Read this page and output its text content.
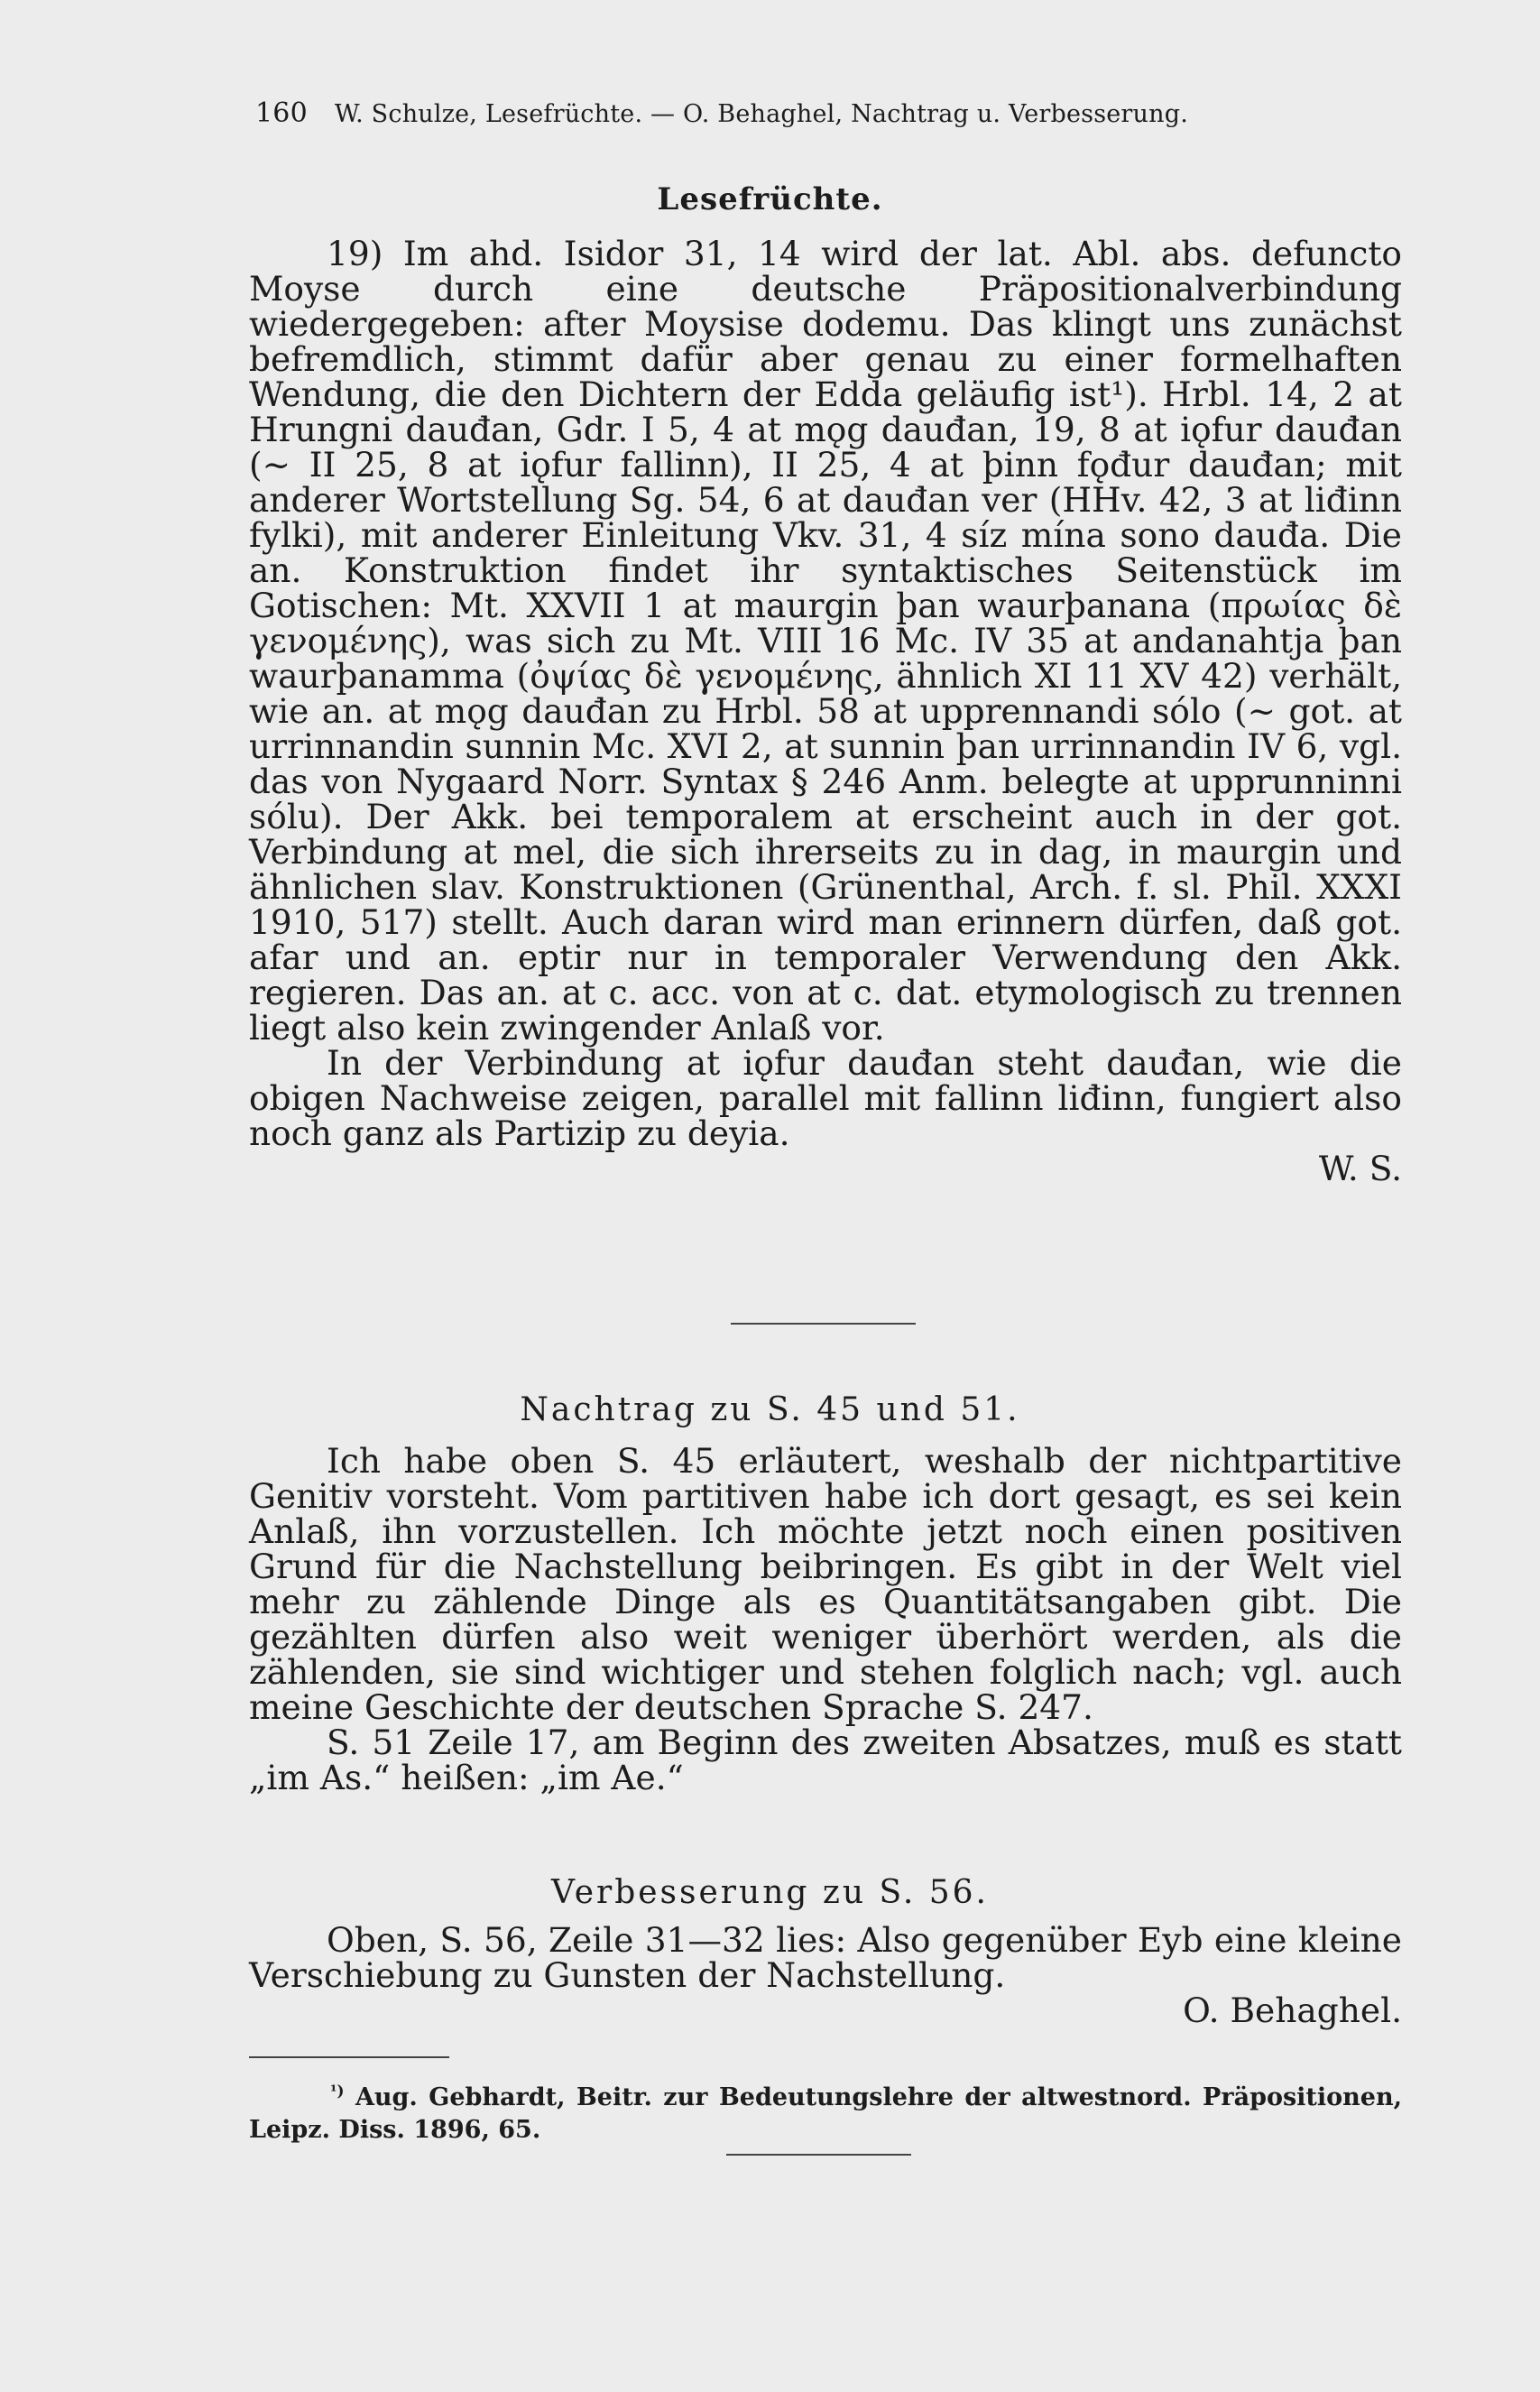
160 W. Schulze, Lesefrüchte. — O. Behaghel, Nachtrag u. Verbesserung.
Lesefrüchte.

19) Im ahd. Isidor 31, 14 wird der lat. Abl. abs. defuncto Moyse durch eine deutsche Präpositionalverbindung wiedergegeben: after Moysise dodemu. Das klingt uns zunächst befremdlich, stimmt dafür aber genau zu einer formelhaften Wendung, die den Dichtern der Edda geläufig ist¹). Hrbl. 14, 2 at Hrungni dauđan, Gdr. I 5, 4 at mǫg dauđan, 19, 8 at iǫfur dauđan (~ II 25, 8 at iǫfur fallinn), II 25, 4 at þinn fǫđur dauđan; mit anderer Wortstellung Sg. 54, 6 at dauđan ver (HHv. 42, 3 at liđinn fylki), mit anderer Einleitung Vkv. 31, 4 síz mína sono dauđa. Die an. Konstruktion findet ihr syntaktisches Seitenstück im Gotischen: Mt. XXVII 1 at maurgin þan waurþanana (πρωίας δὲ γενομένης), was sich zu Mt. VIII 16 Mc. IV 35 at andanahtja þan waurþanamma (ὀψίας δὲ γενομένης, ähnlich XI 11 XV 42) verhält, wie an. at mǫg dauđan zu Hrbl. 58 at upprennandi sólo (~ got. at urrinnandin sunnin Mc. XVI 2, at sunnin þan urrinnandin IV 6, vgl. das von Nygaard Norr. Syntax § 246 Anm. belegte at upprunninni sólu). Der Akk. bei temporalem at erscheint auch in der got. Verbindung at mel, die sich ihrerseits zu in dag, in maurgin und ähnlichen slav. Konstruktionen (Grünenthal, Arch. f. sl. Phil. XXXI 1910, 517) stellt. Auch daran wird man erinnern dürfen, daß got. afar und an. eptir nur in temporaler Verwendung den Akk. regieren. Das an. at c. acc. von at c. dat. etymologisch zu trennen liegt also kein zwingender Anlaß vor.

In der Verbindung at iǫfur dauđan steht dauđan, wie die obigen Nachweise zeigen, parallel mit fallinn liđinn, fungiert also noch ganz als Partizip zu deyia.

W. S.
Nachtrag zu S. 45 und 51.

Ich habe oben S. 45 erläutert, weshalb der nichtpartitive Genitiv vorsteht. Vom partitiven habe ich dort gesagt, es sei kein Anlaß, ihn vorzustellen. Ich möchte jetzt noch einen positiven Grund für die Nachstellung beibringen. Es gibt in der Welt viel mehr zu zählende Dinge als es Quantitätsangaben gibt. Die gezählten dürfen also weit weniger überhört werden, als die zählenden, sie sind wichtiger und stehen folglich nach; vgl. auch meine Geschichte der deutschen Sprache S. 247.

S. 51 Zeile 17, am Beginn des zweiten Absatzes, muß es statt „im As.“ heißen: „im Ae.“

Verbesserung zu S. 56.

Oben, S. 56, Zeile 31—32 lies: Also gegenüber Eyb eine kleine Verschiebung zu Gunsten der Nachstellung.

O. Behaghel.

$^{^1)}$ Aug. Gebhardt, Beitr. zur Bedeutungslehre der altwestnord. Präpositionen, Leipz. Diss. 1896, 65.
